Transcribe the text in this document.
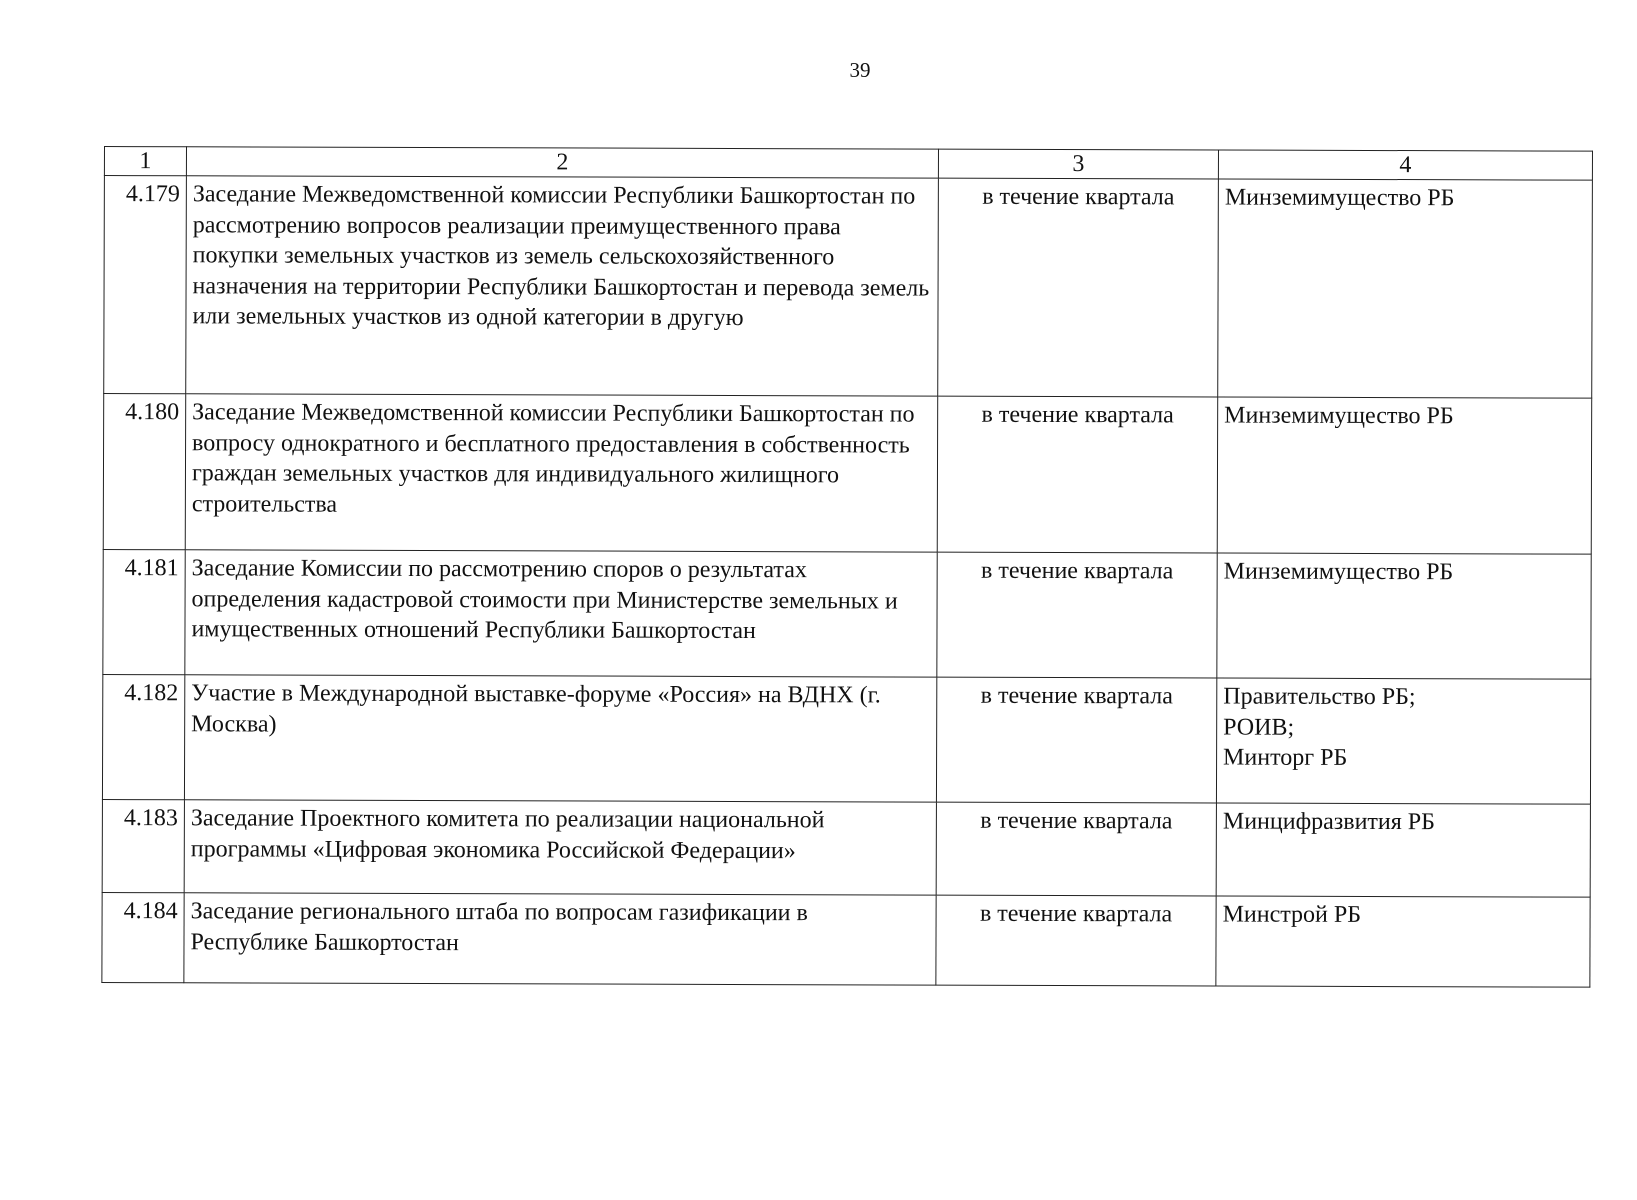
39
1	2	3	4
4.179	Заседание Межведомственной комиссии Республики Башкортостан по рассмотрению вопросов реализации преимущественного права покупки земельных участков из земель сельскохозяйственного назначения на территории Республики Башкортостан и перевода земель или земельных участков из одной категории в другую	в течение квартала	Минземимущество РБ

4.180	Заседание Межведомственной комиссии Республики Башкортостан по вопросу однократного и бесплатного предоставления в собственность граждан земельных участков для индивидуального жилищного строительства	в течение квартала	Минземимущество РБ

4.181	Заседание Комиссии по рассмотрению споров о результатах определения кадастровой стоимости при Министерстве земельных и имущественных отношений Республики Башкортостан	в течение квартала	Минземимущество РБ

4.182	Участие в Международной выставке-форуме «Россия» на ВДНХ (г. Москва)	в течение квартала	Правительство РБ;
РОИВ;
Минторг РБ

4.183	Заседание Проектного комитета по реализации национальной программы «Цифровая экономика Российской Федерации»	в течение квартала	Минцифразвития РБ

4.184	Заседание регионального штаба по вопросам газификации в Республике Башкортостан	в течение квартала	Минстрой РБ
